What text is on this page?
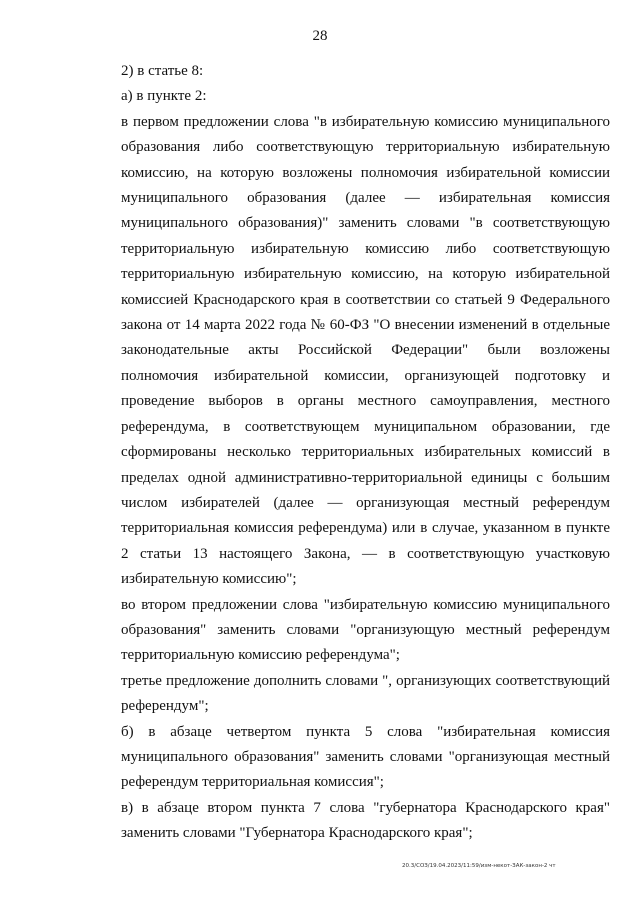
28

2) в статье 8:

а) в пункте 2:

в первом предложении слова "в избирательную комиссию муниципального образования либо соответствующую территориальную избирательную комиссию, на которую возложены полномочия избирательной комиссии муниципального образования (далее — избирательная комиссия муниципального образования)" заменить словами "в соответствующую территориальную избирательную комиссию либо соответствующую территориальную избирательную комиссию, на которую избирательной комиссией Краснодарского края в соответствии со статьей 9 Федерального закона от 14 марта 2022 года № 60-ФЗ "О внесении изменений в отдельные законодательные акты Российской Федерации" были возложены полномочия избирательной комиссии, организующей подготовку и проведение выборов в органы местного самоуправления, местного референдума, в соответствующем муниципальном образовании, где сформированы несколько территориальных избирательных комиссий в пределах одной административно-территориальной единицы с большим числом избирателей (далее — организующая местный референдум территориальная комиссия референдума) или в случае, указанном в пункте 2 статьи 13 настоящего Закона, — в соответствующую участковую избирательную комиссию";

во втором предложении слова "избирательную комиссию муниципального образования" заменить словами "организующую местный референдум территориальную комиссию референдума";

третье предложение дополнить словами ", организующих соответствующий референдум";

б) в абзаце четвертом пункта 5 слова "избирательная комиссия муниципального образования" заменить словами "организующая местный референдум территориальная комиссия";

в) в абзаце втором пункта 7 слова "губернатора Краснодарского края" заменить словами "Губернатора Краснодарского края";

20.3/СОЗ/19.04.2023/11:59/изм-некот-ЗАК-закон-2 чт
